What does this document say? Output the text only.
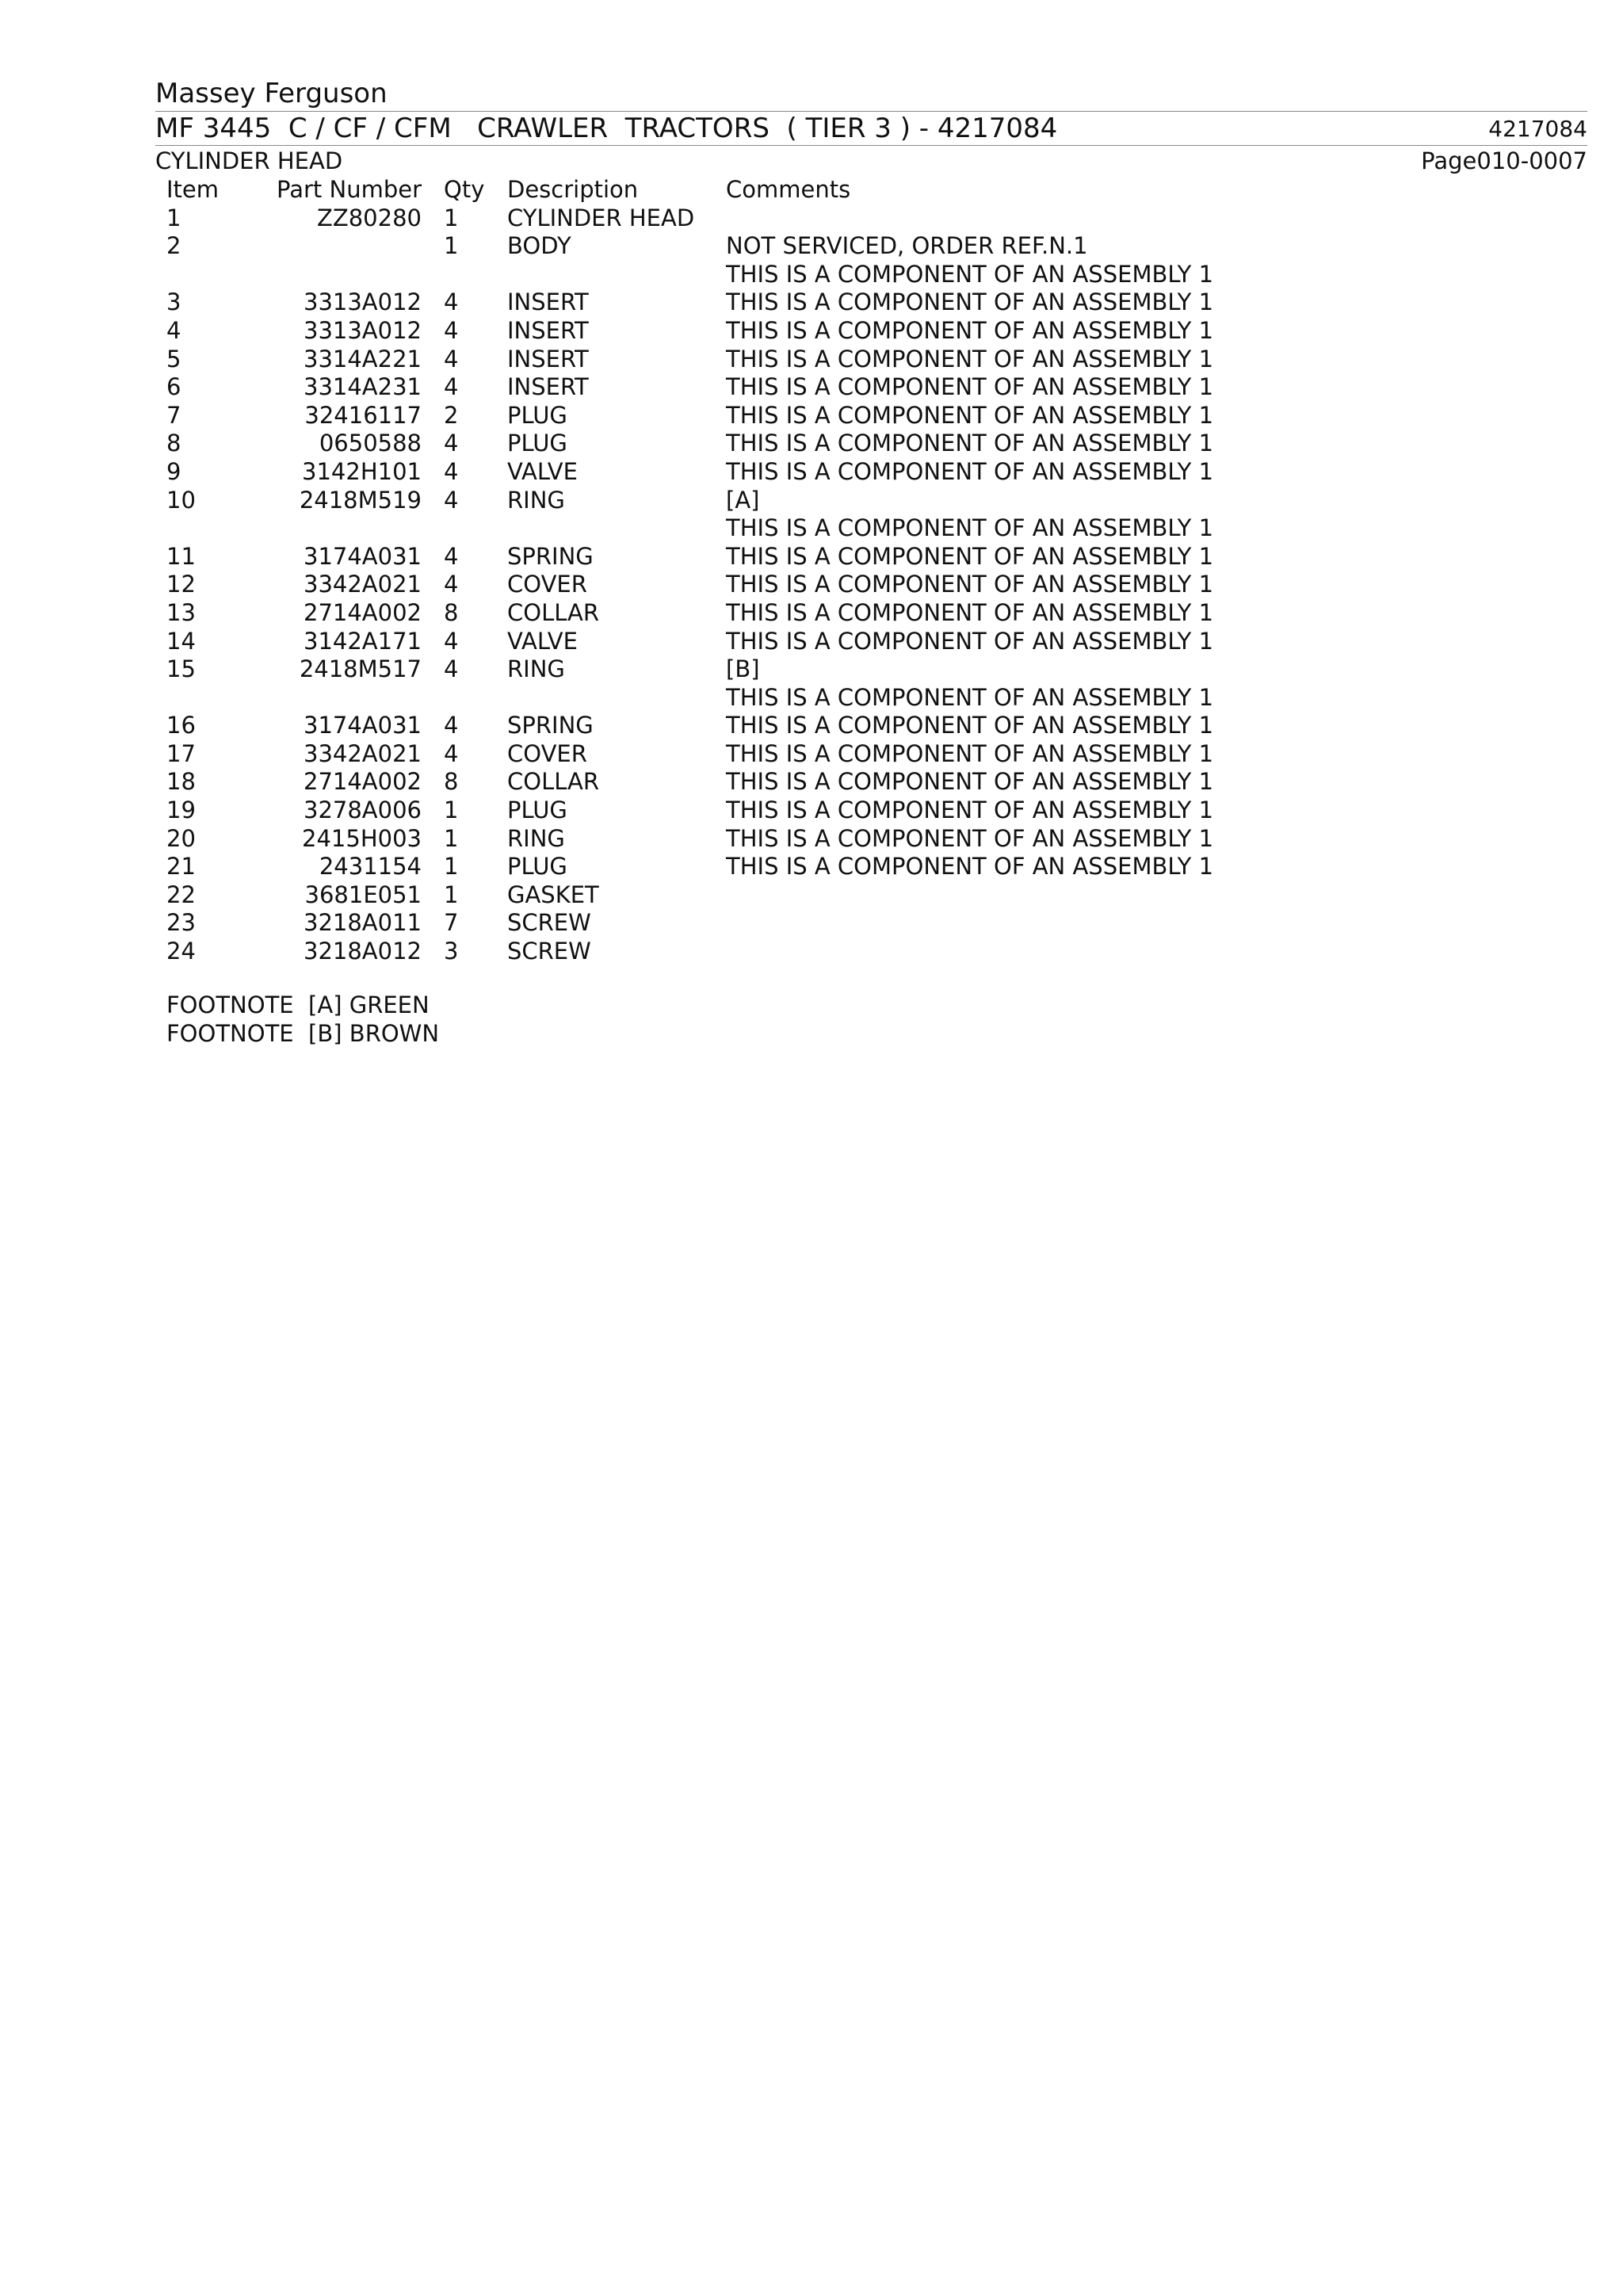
Massey Ferguson
MF 3445  C / CF / CFM   CRAWLER  TRACTORS  ( TIER 3 ) - 4217084	4217084
CYLINDER HEAD	Page010-0007
Item	Part Number	Qty	Description	Comments
1	ZZ80280	1	CYLINDER HEAD	
2		1	BODY	NOT SERVICED, ORDER REF.N.1
THIS IS A COMPONENT OF AN ASSEMBLY 1

3	3313A012	4	INSERT	THIS IS A COMPONENT OF AN ASSEMBLY 1

4	3313A012	4	INSERT	THIS IS A COMPONENT OF AN ASSEMBLY 1

5	3314A221	4	INSERT	THIS IS A COMPONENT OF AN ASSEMBLY 1

6	3314A231	4	INSERT	THIS IS A COMPONENT OF AN ASSEMBLY 1

7	32416117	2	PLUG	THIS IS A COMPONENT OF AN ASSEMBLY 1

8	0650588	4	PLUG	THIS IS A COMPONENT OF AN ASSEMBLY 1

9	3142H101	4	VALVE	THIS IS A COMPONENT OF AN ASSEMBLY 1

10	2418M519	4	RING	[A]
THIS IS A COMPONENT OF AN ASSEMBLY 1

11	3174A031	4	SPRING	THIS IS A COMPONENT OF AN ASSEMBLY 1

12	3342A021	4	COVER	THIS IS A COMPONENT OF AN ASSEMBLY 1

13	2714A002	8	COLLAR	THIS IS A COMPONENT OF AN ASSEMBLY 1

14	3142A171	4	VALVE	THIS IS A COMPONENT OF AN ASSEMBLY 1

15	2418M517	4	RING	[B]
THIS IS A COMPONENT OF AN ASSEMBLY 1

16	3174A031	4	SPRING	THIS IS A COMPONENT OF AN ASSEMBLY 1

17	3342A021	4	COVER	THIS IS A COMPONENT OF AN ASSEMBLY 1

18	2714A002	8	COLLAR	THIS IS A COMPONENT OF AN ASSEMBLY 1

19	3278A006	1	PLUG	THIS IS A COMPONENT OF AN ASSEMBLY 1

20	2415H003	1	RING	THIS IS A COMPONENT OF AN ASSEMBLY 1

21	2431154	1	PLUG	THIS IS A COMPONENT OF AN ASSEMBLY 1

22	3681E051	1	GASKET	
23	3218A011	7	SCREW	
24	3218A012	3	SCREW	
FOOTNOTE  [A] GREEN
FOOTNOTE  [B] BROWN
